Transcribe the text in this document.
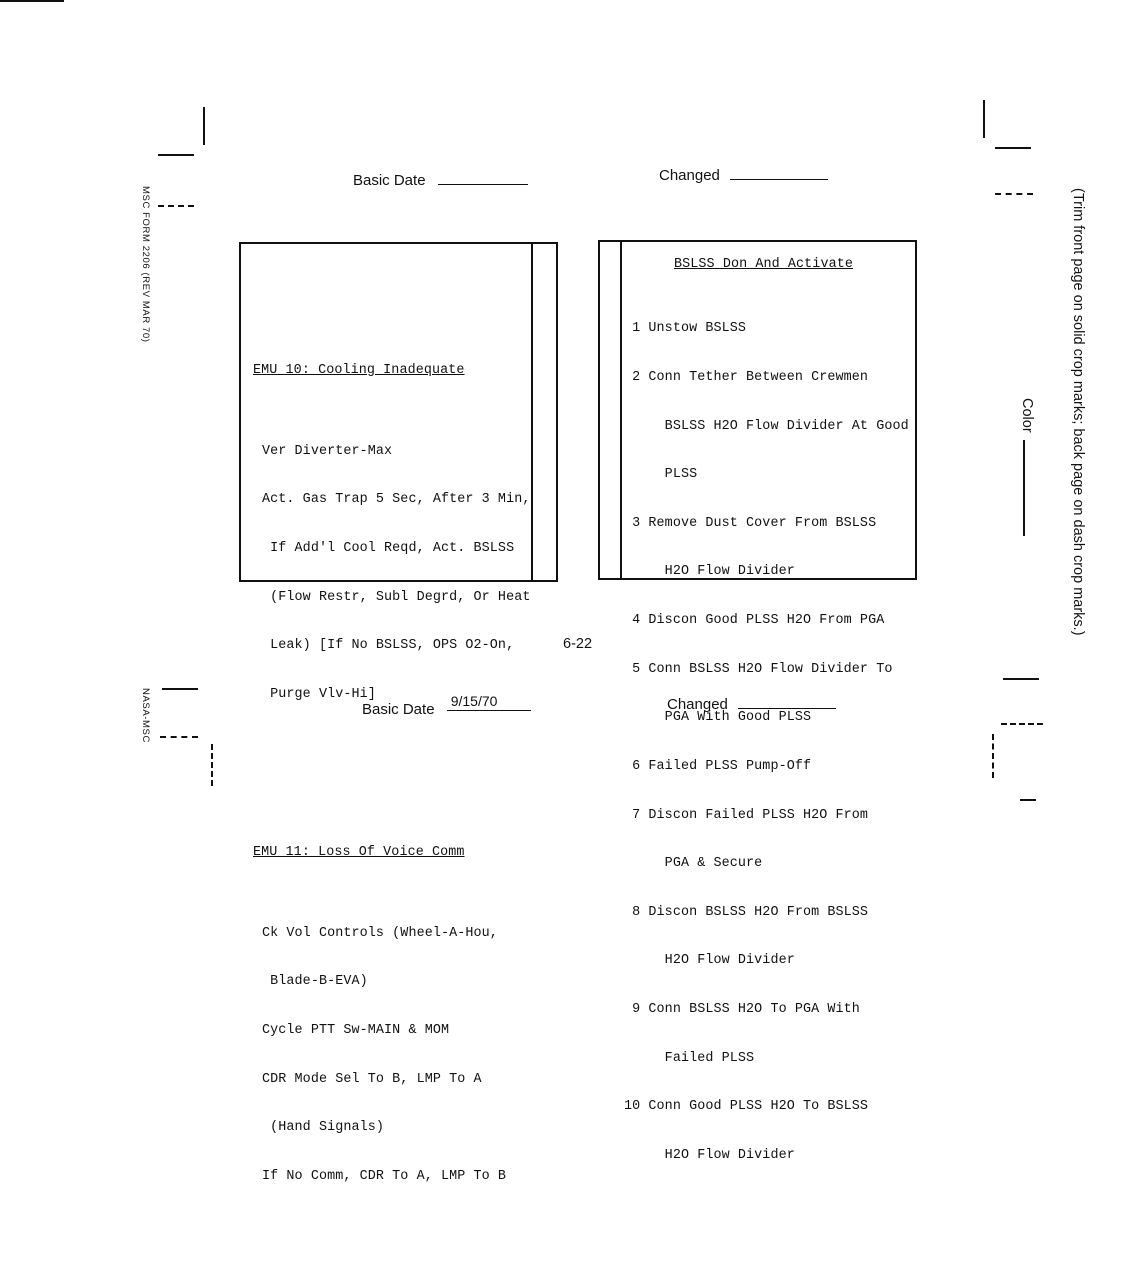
MSC FORM 2206 (REV MAR 70)
NASA-MSC
(Trim front page on solid crop marks; back page on dash crop marks.)
Color
Basic Date	Changed

EMU 10: Cooling Inadequate

Ver Diverter-Max

Act. Gas Trap 5 Sec, After 3 Min,

If Add'l Cool Reqd, Act. BSLSS

(Flow Restr, Subl Degrd, Or Heat

Leak) [If No BSLSS, OPS O2-On,

Purge Vlv-Hi]

EMU 11: Loss Of Voice Comm

Ck Vol Controls (Wheel-A-Hou,

Blade-B-EVA)

Cycle PTT Sw-MAIN & MOM

CDR Mode Sel To B, LMP To A

(Hand Signals)

If No Comm, CDR To A, LMP To B

BSLSS Don And Activate

1 Unstow BSLSS

2 Conn Tether Between Crewmen

BSLSS H2O Flow Divider At Good

PLSS

3 Remove Dust Cover From BSLSS

H2O Flow Divider

4 Discon Good PLSS H2O From PGA

5 Conn BSLSS H2O Flow Divider To

PGA With Good PLSS

6 Failed PLSS Pump-Off

7 Discon Failed PLSS H2O From

PGA & Secure

8 Discon BSLSS H2O From BSLSS

H2O Flow Divider

9 Conn BSLSS H2O To PGA With

Failed PLSS

10 Conn Good PLSS H2O To BSLSS

H2O Flow Divider

6-22
Basic Date 9/15/70	Changed
